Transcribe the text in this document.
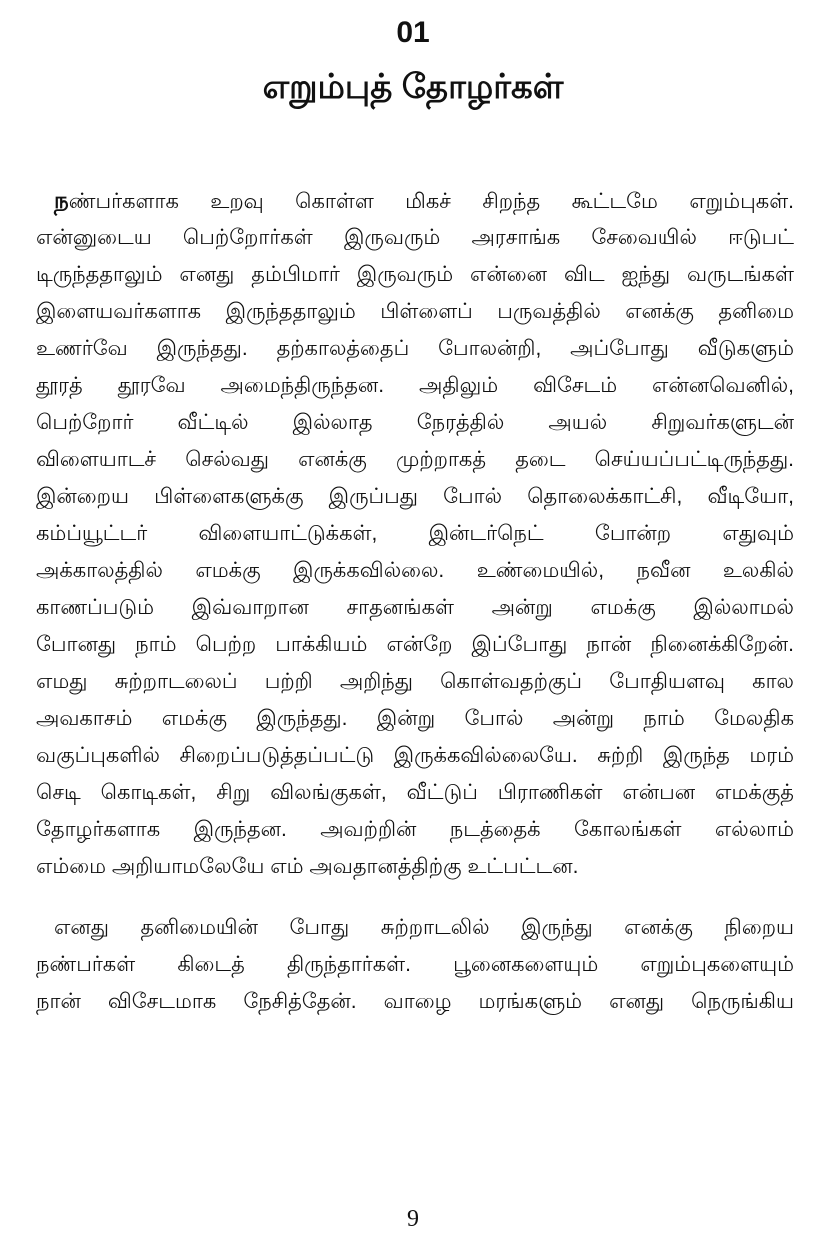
01
எறும்புத் தோழர்கள்

நண்பர்களாக உறவு கொள்ள மிகச் சிறந்த கூட்டமே எறும்புகள்.
என்னுடைய பெற்றோர்கள் இருவரும் அரசாங்க சேவையில் ஈடுபட்
டிருந்ததாலும் எனது தம்பிமார் இருவரும் என்னை விட ஐந்து வருடங்கள்
இளையவர்களாக இருந்ததாலும் பிள்ளைப் பருவத்தில் எனக்கு தனிமை
உணர்வே இருந்தது. தற்காலத்தைப் போலன்றி, அப்போது வீடுகளும்
தூரத் தூரவே அமைந்திருந்தன. அதிலும் விசேடம் என்னவெனில்,
பெற்றோர் வீட்டில் இல்லாத நேரத்தில் அயல் சிறுவர்களுடன்
விளையாடச் செல்வது எனக்கு முற்றாகத் தடை செய்யப்பட்டிருந்தது.
இன்றைய பிள்ளைகளுக்கு இருப்பது போல் தொலைக்காட்சி, வீடியோ,
கம்ப்யூட்டர் விளையாட்டுக்கள், இன்டர்நெட் போன்ற எதுவும்
அக்காலத்தில் எமக்கு இருக்கவில்லை. உண்மையில், நவீன உலகில்
காணப்படும் இவ்வாறான சாதனங்கள் அன்று எமக்கு இல்லாமல்
போனது நாம் பெற்ற பாக்கியம் என்றே இப்போது நான் நினைக்கிறேன்.
எமது சுற்றாடலைப் பற்றி அறிந்து கொள்வதற்குப் போதியளவு கால
அவகாசம் எமக்கு இருந்தது. இன்று போல் அன்று நாம் மேலதிக
வகுப்புகளில் சிறைப்படுத்தப்பட்டு இருக்கவில்லையே. சுற்றி இருந்த மரம்
செடி கொடிகள், சிறு விலங்குகள், வீட்டுப் பிராணிகள் என்பன எமக்குத்
தோழர்களாக இருந்தன. அவற்றின் நடத்தைக் கோலங்கள் எல்லாம்
எம்மை அறியாமலேயே எம் அவதானத்திற்கு உட்பட்டன.

எனது தனிமையின் போது சுற்றாடலில் இருந்து எனக்கு நிறைய
நண்பர்கள் கிடைத் திருந்தார்கள். பூனைகளையும் எறும்புகளையும்
நான் விசேடமாக நேசித்தேன். வாழை மரங்களும் எனது நெருங்கிய

9
